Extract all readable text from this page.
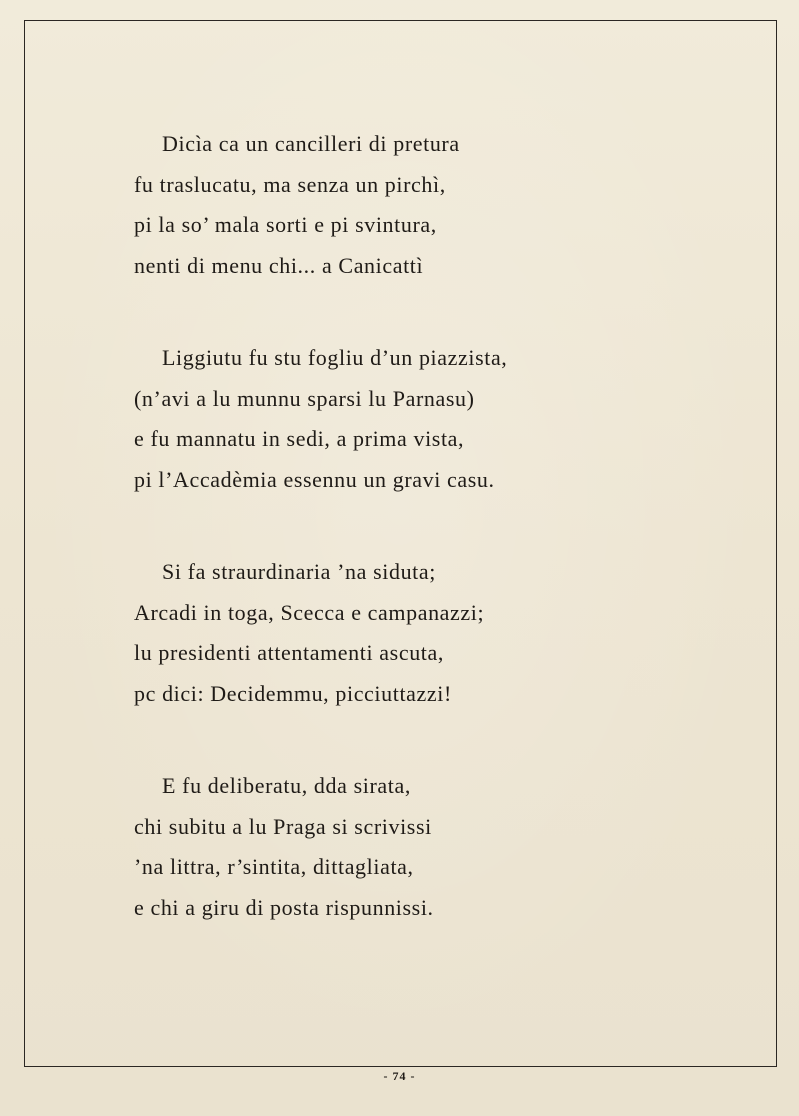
Dicìa ca un cancilleri di pretura
fu traslucatu, ma senza un pirchì,
pi la so’ mala sorti e pi svintura,
nenti di menu chi... a Canicattì
Liggiutu fu stu fogliu d’un piazzista,
(n’avi a lu munnu sparsi lu Parnasu)
e fu mannatu in sedi, a prima vista,
pi l’Accadèmia essennu un gravi casu.
Si fa straurdinaria ’na siduta;
Arcadi in toga, Scecca e campanazzi;
lu presidenti attentamenti ascuta,
pc dici: Decidemmu, picciuttazzi!
E fu deliberatu, dda sirata,
chi subitu a lu Praga si scrivissi
’na littra, r’sintita, dittagliata,
e chi a giru di posta rispunnissi.
- 74 -
